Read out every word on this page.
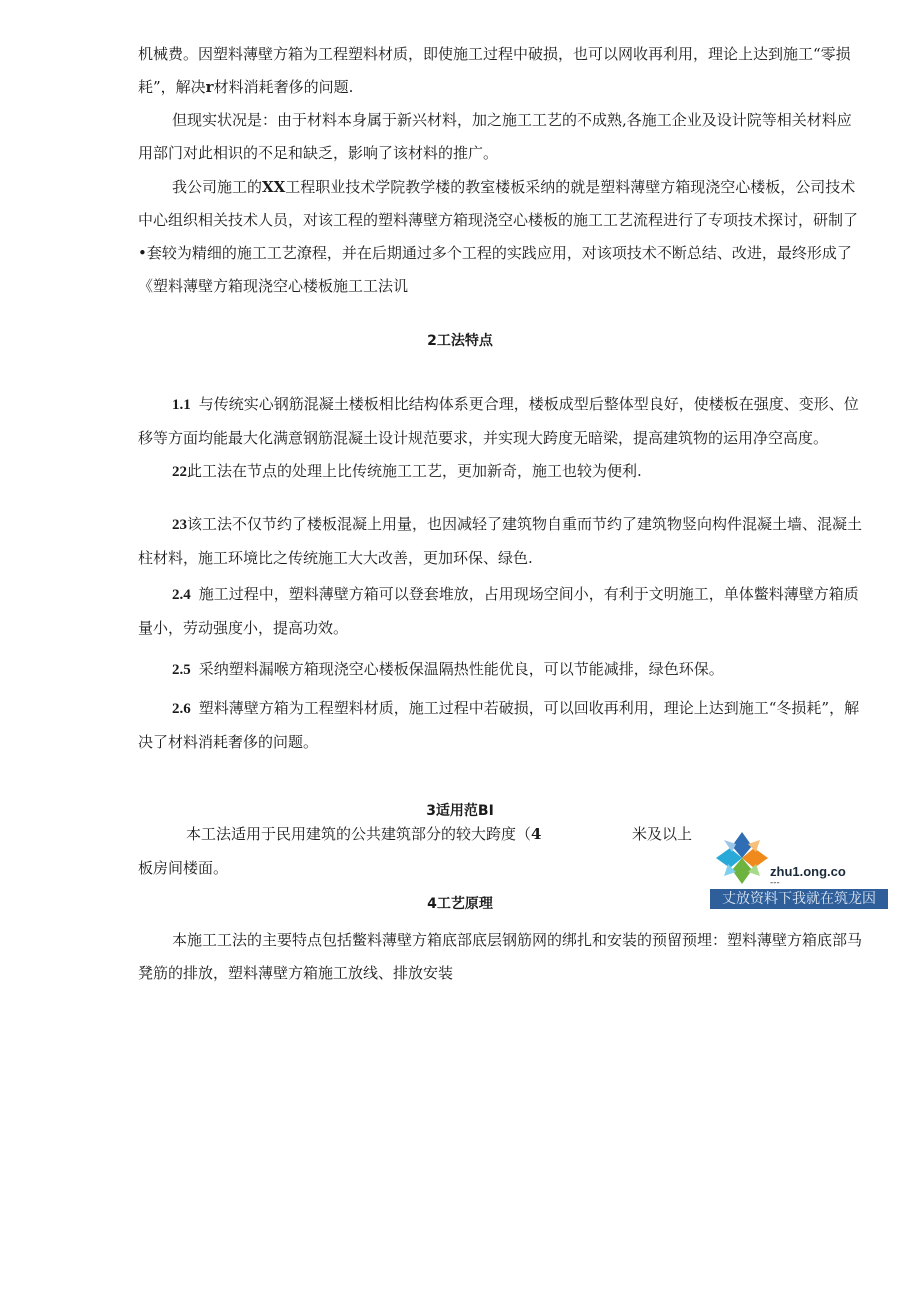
机械费。因塑料薄壁方箱为工程塑料材质，即使施工过程中破损，也可以网收再利用，理论上达到施工“零损耗”，解决r材料消耗奢侈的问题.

但现实状况是：由于材料本身属于新兴材料，加之施工工艺的不成熟,各施工企业及设计院等相关材料应用部门对此相识的不足和缺乏，影响了该材料的推广。

我公司施工的XX工程职业技术学院教学楼的教室楼板采纳的就是塑料薄壁方箱现浇空心楼板，公司技术中心组织相关技术人员，对该工程的塑料薄壁方箱现浇空心楼板的施工工艺流程进行了专项技术探讨，研制了•套较为精细的施工工艺潦程，并在后期通过多个工程的实践应用，对该项技术不断总结、改进，最终形成了《塑料薄壁方箱现浇空心楼板施工工法讥

2工法特点

1.1 与传统实心钢筋混凝土楼板相比结构体系更合理，楼板成型后整体型良好，使楼板在强度、变形、位移等方面均能最大化满意钢筋混凝土设计规范要求，并实现大跨度无暗梁，提高建筑物的运用净空高度。

22此工法在节点的处理上比传统施工工艺，更加新奇，施工也较为便利.

23该工法不仅节约了楼板混凝上用量，也因减轻了建筑物自重而节约了建筑物竖向构件混凝土墙、混凝土柱材料，施工环境比之传统施工大大改善，更加环保、绿色.

2.4 施工过程中，塑料薄壁方箱可以登套堆放，占用现场空间小，有利于文明施工，单体鳖料薄壁方箱质量小，劳动强度小，提高功效。

2.5 采纳塑料漏喉方箱现浇空心楼板保温隔热性能优良，可以节能减排，绿色环保。

2.6 塑料薄壁方箱为工程塑料材质，施工过程中若破损，可以回收再利用，理论上达到施工“冬损耗”，解决了材料消耗奢侈的问题。

3适用范BI

本工法适用于民用建筑的公共建筑部分的较大跨度（4	米及以上

板房间楼面。

4工艺原理

本施工工法的主要特点包括鳖料薄壁方箱底部底层钢筋网的绑扎和安装的预留预埋：塑料薄壁方箱底部马凳筋的排放，塑料薄壁方箱施工放线、排放安装

zhu1.ong.co
---
丈放资料下我就在筑龙因
